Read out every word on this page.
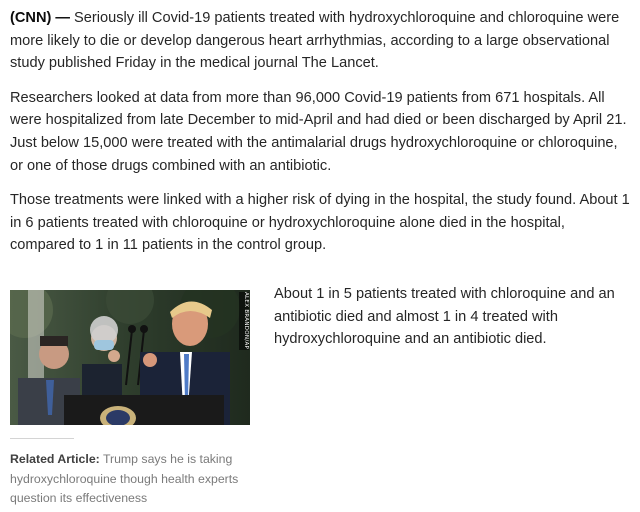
(CNN) — Seriously ill Covid-19 patients treated with hydroxychloroquine and chloroquine were more likely to die or develop dangerous heart arrhythmias, according to a large observational study published Friday in the medical journal The Lancet.

Researchers looked at data from more than 96,000 Covid-19 patients from 671 hospitals. All were hospitalized from late December to mid-April and had died or been discharged by April 21. Just below 15,000 were treated with the antimalarial drugs hydroxychloroquine or chloroquine, or one of those drugs combined with an antibiotic.

Those treatments were linked with a higher risk of dying in the hospital, the study found. About 1 in 6 patients treated with chloroquine or hydroxychloroquine alone died in the hospital, compared to 1 in 11 patients in the control group.

ALEX BRANDON/AP
Related Article: Trump says he is taking hydroxychloroquine though health experts question its effectiveness
About 1 in 5 patients treated with chloroquine and an antibiotic died and almost 1 in 4 treated with hydroxychloroquine and an antibiotic died.
